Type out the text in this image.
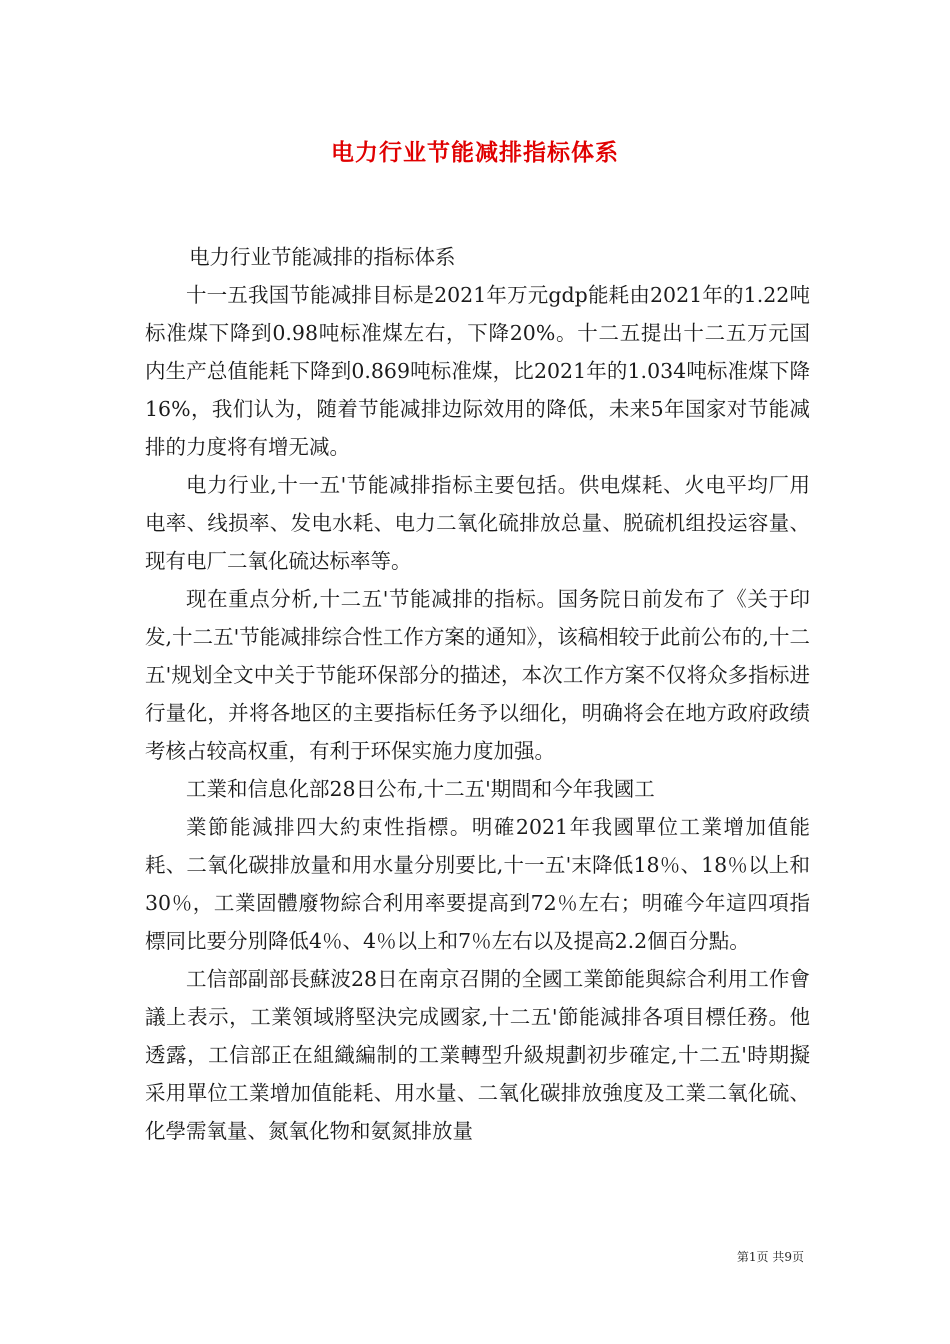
电力行业节能减排指标体系

电力行业节能减排的指标体系

十一五我国节能减排目标是2021年万元gdp能耗由2021年的1.22吨标准煤下降到0.98吨标准煤左右，下降20%。十二五提出十二五万元国内生产总值能耗下降到0.869吨标准煤，比2021年的1.034吨标准煤下降16%，我们认为，随着节能减排边际效用的降低，未来5年国家对节能减排的力度将有增无减。

电力行业,十一五'节能减排指标主要包括。供电煤耗、火电平均厂用电率、线损率、发电水耗、电力二氧化硫排放总量、脱硫机组投运容量、现有电厂二氧化硫达标率等。

现在重点分析,十二五'节能减排的指标。国务院日前发布了《关于印发,十二五'节能减排综合性工作方案的通知》，该稿相较于此前公布的,十二五'规划全文中关于节能环保部分的描述，本次工作方案不仅将众多指标进行量化，并将各地区的主要指标任务予以细化，明确将会在地方政府政绩考核占较高权重，有利于环保实施力度加强。

工業和信息化部28日公布,十二五'期間和今年我國工

業節能減排四大約束性指標。明確2021年我國單位工業增加值能耗、二氧化碳排放量和用水量分別要比,十一五'末降低18％、18％以上和30％，工業固體廢物綜合利用率要提高到72％左右；明確今年這四項指標同比要分別降低4％、4％以上和7％左右以及提高2.2個百分點。

工信部副部長蘇波28日在南京召開的全國工業節能與綜合利用工作會議上表示，工業領域將堅決完成國家,十二五'節能減排各項目標任務。他透露，工信部正在組織編制的工業轉型升級規劃初步確定,十二五'時期擬采用單位工業增加值能耗、用水量、二氧化碳排放強度及工業二氧化硫、化學需氧量、氮氧化物和氨氮排放量

第1页 共9页
